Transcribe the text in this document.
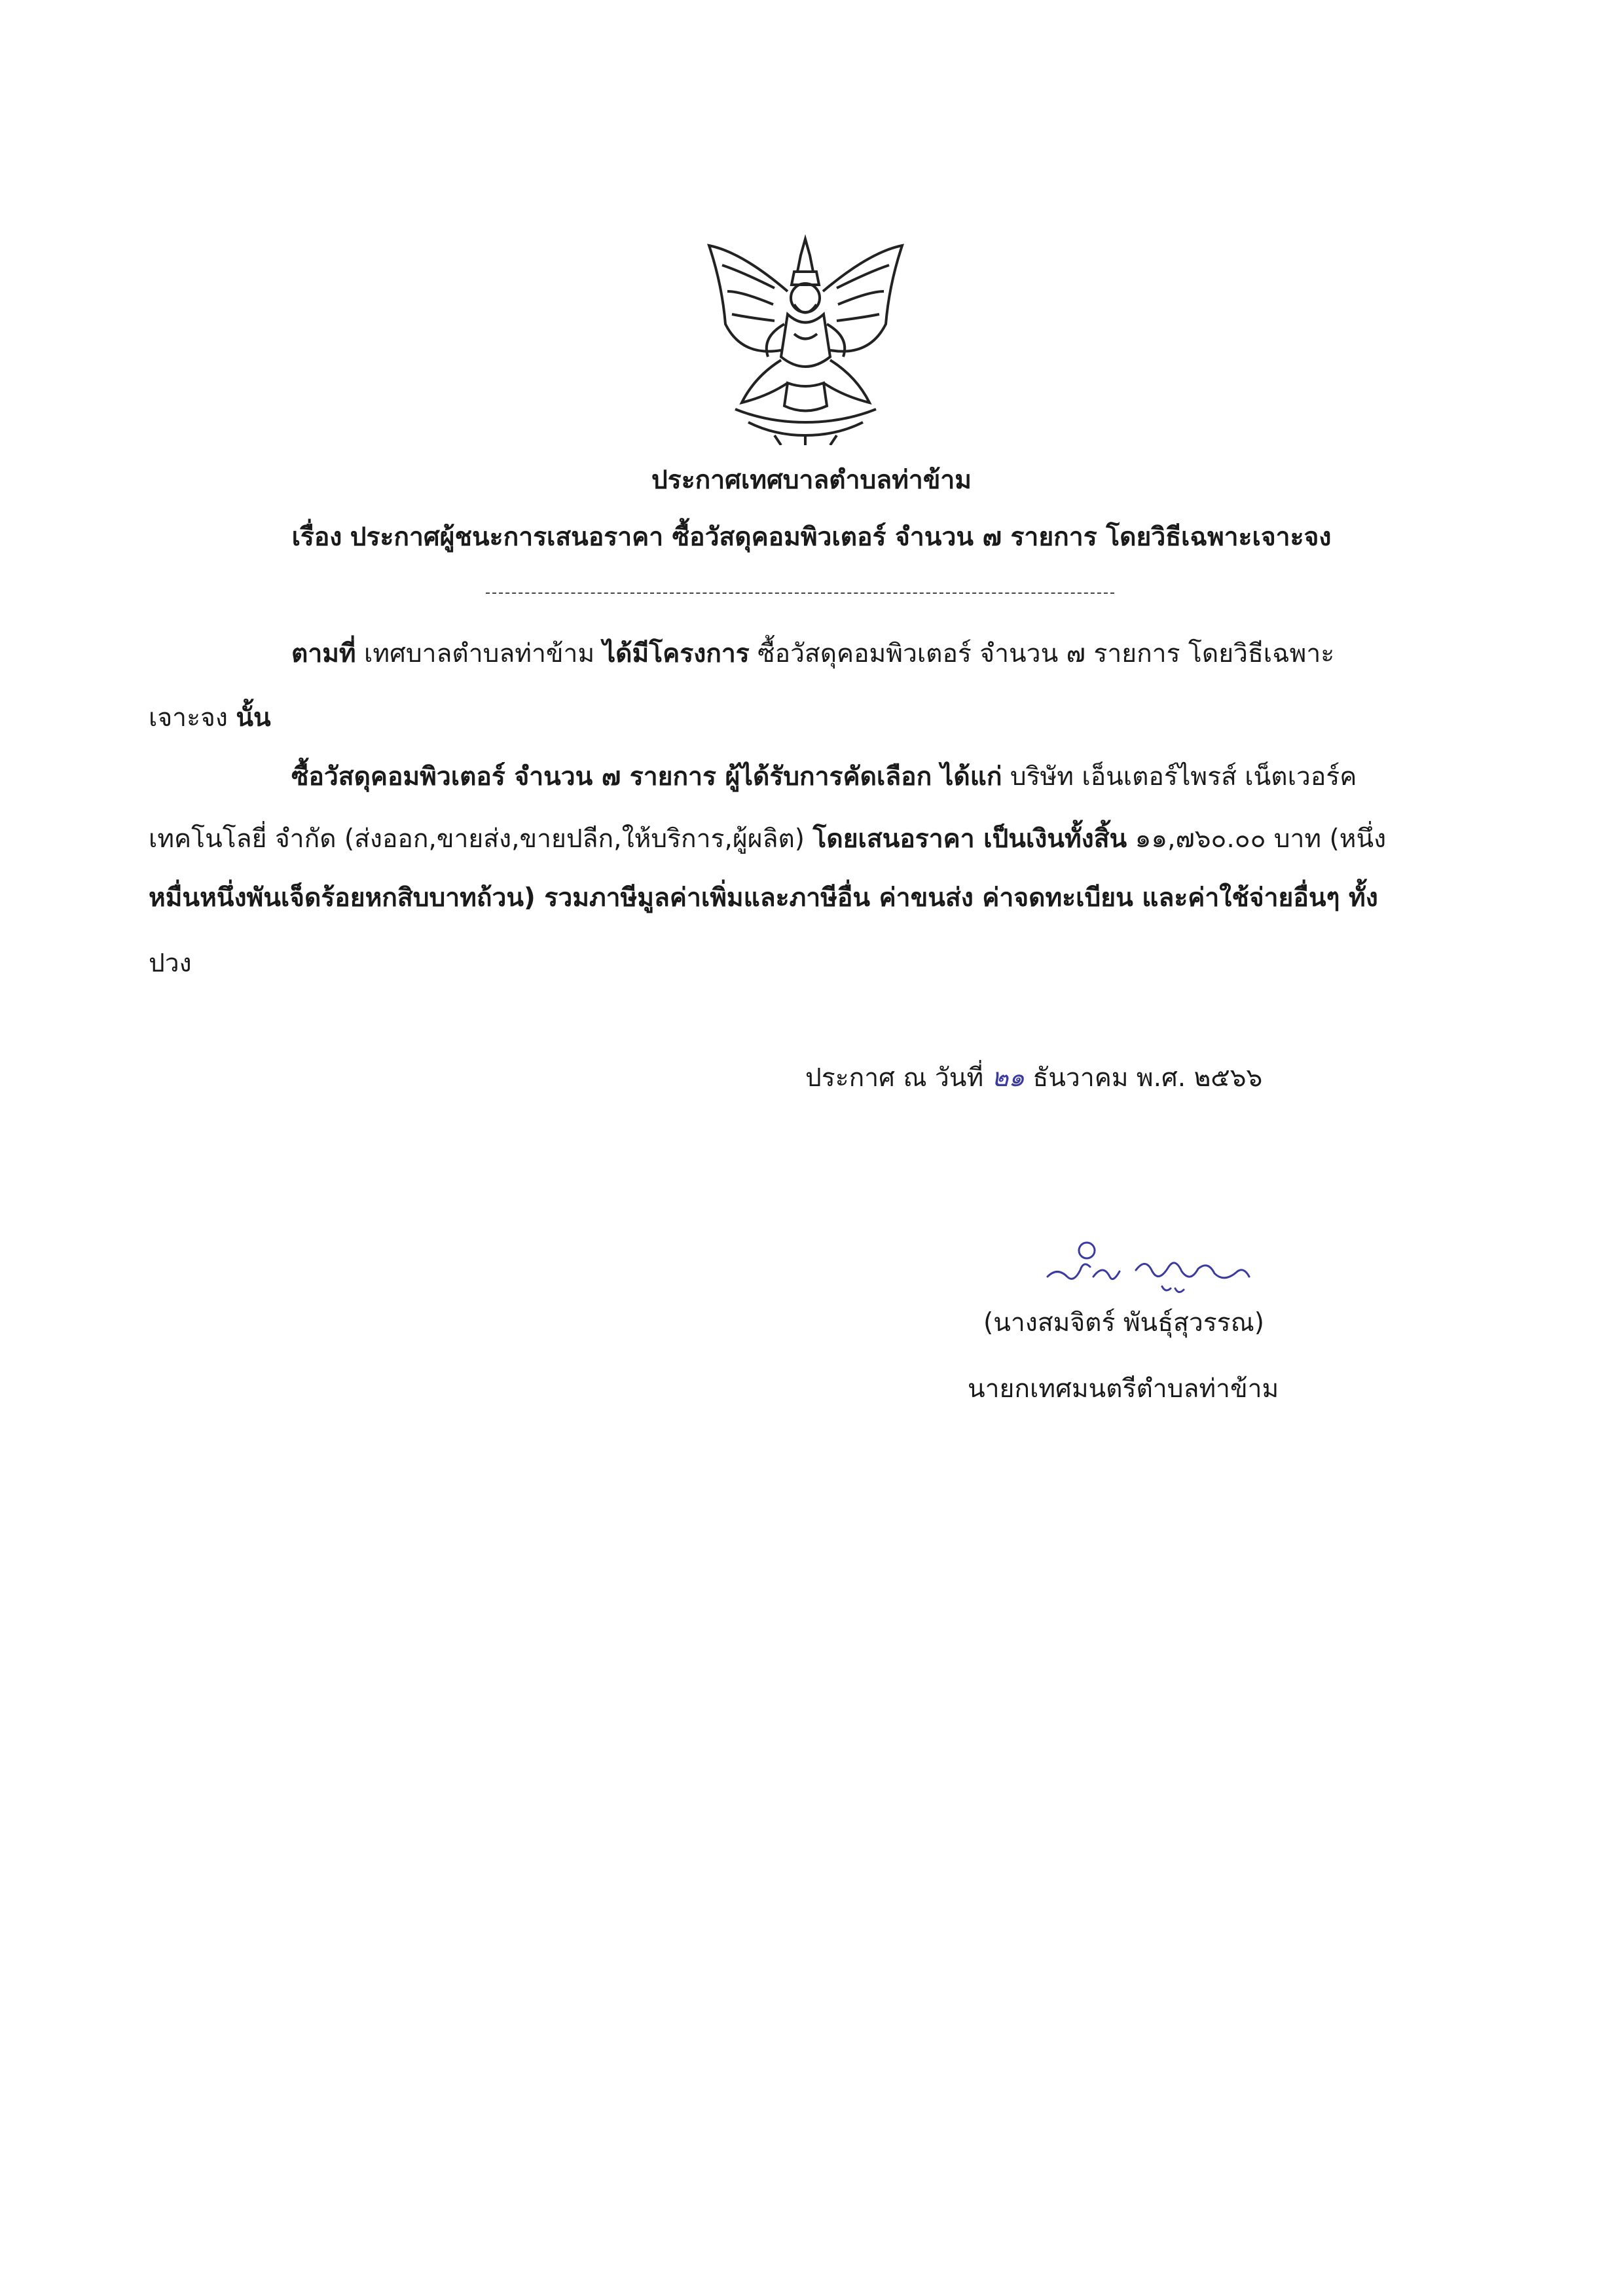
ประกาศเทศบาลตำบลท่าข้าม
เรื่อง ประกาศผู้ชนะการเสนอราคา ซื้อวัสดุคอมพิวเตอร์ จำนวน ๗ รายการ โดยวิธีเฉพาะเจาะจง
ตามที่ เทศบาลตำบลท่าข้าม ได้มีโครงการ ซื้อวัสดุคอมพิวเตอร์ จำนวน ๗ รายการ โดยวิธีเฉพาะ
เจาะจง นั้น
ซื้อวัสดุคอมพิวเตอร์ จำนวน ๗ รายการ ผู้ได้รับการคัดเลือก ได้แก่ บริษัท เอ็นเตอร์ไพรส์ เน็ตเวอร์ค
เทคโนโลยี่ จำกัด (ส่งออก,ขายส่ง,ขายปลีก,ให้บริการ,ผู้ผลิต) โดยเสนอราคา เป็นเงินทั้งสิ้น ๑๑,๗๖๐.๐๐ บาท (หนึ่ง
หมื่นหนึ่งพันเจ็ดร้อยหกสิบบาทถ้วน) รวมภาษีมูลค่าเพิ่มและภาษีอื่น ค่าขนส่ง ค่าจดทะเบียน และค่าใช้จ่ายอื่นๆ ทั้ง
ปวง
ประกาศ ณ วันที่ ๒๑ ธันวาคม พ.ศ. ๒๕๖๖
(นางสมจิตร์ พันธุ์สุวรรณ)
นายกเทศมนตรีตำบลท่าข้าม
